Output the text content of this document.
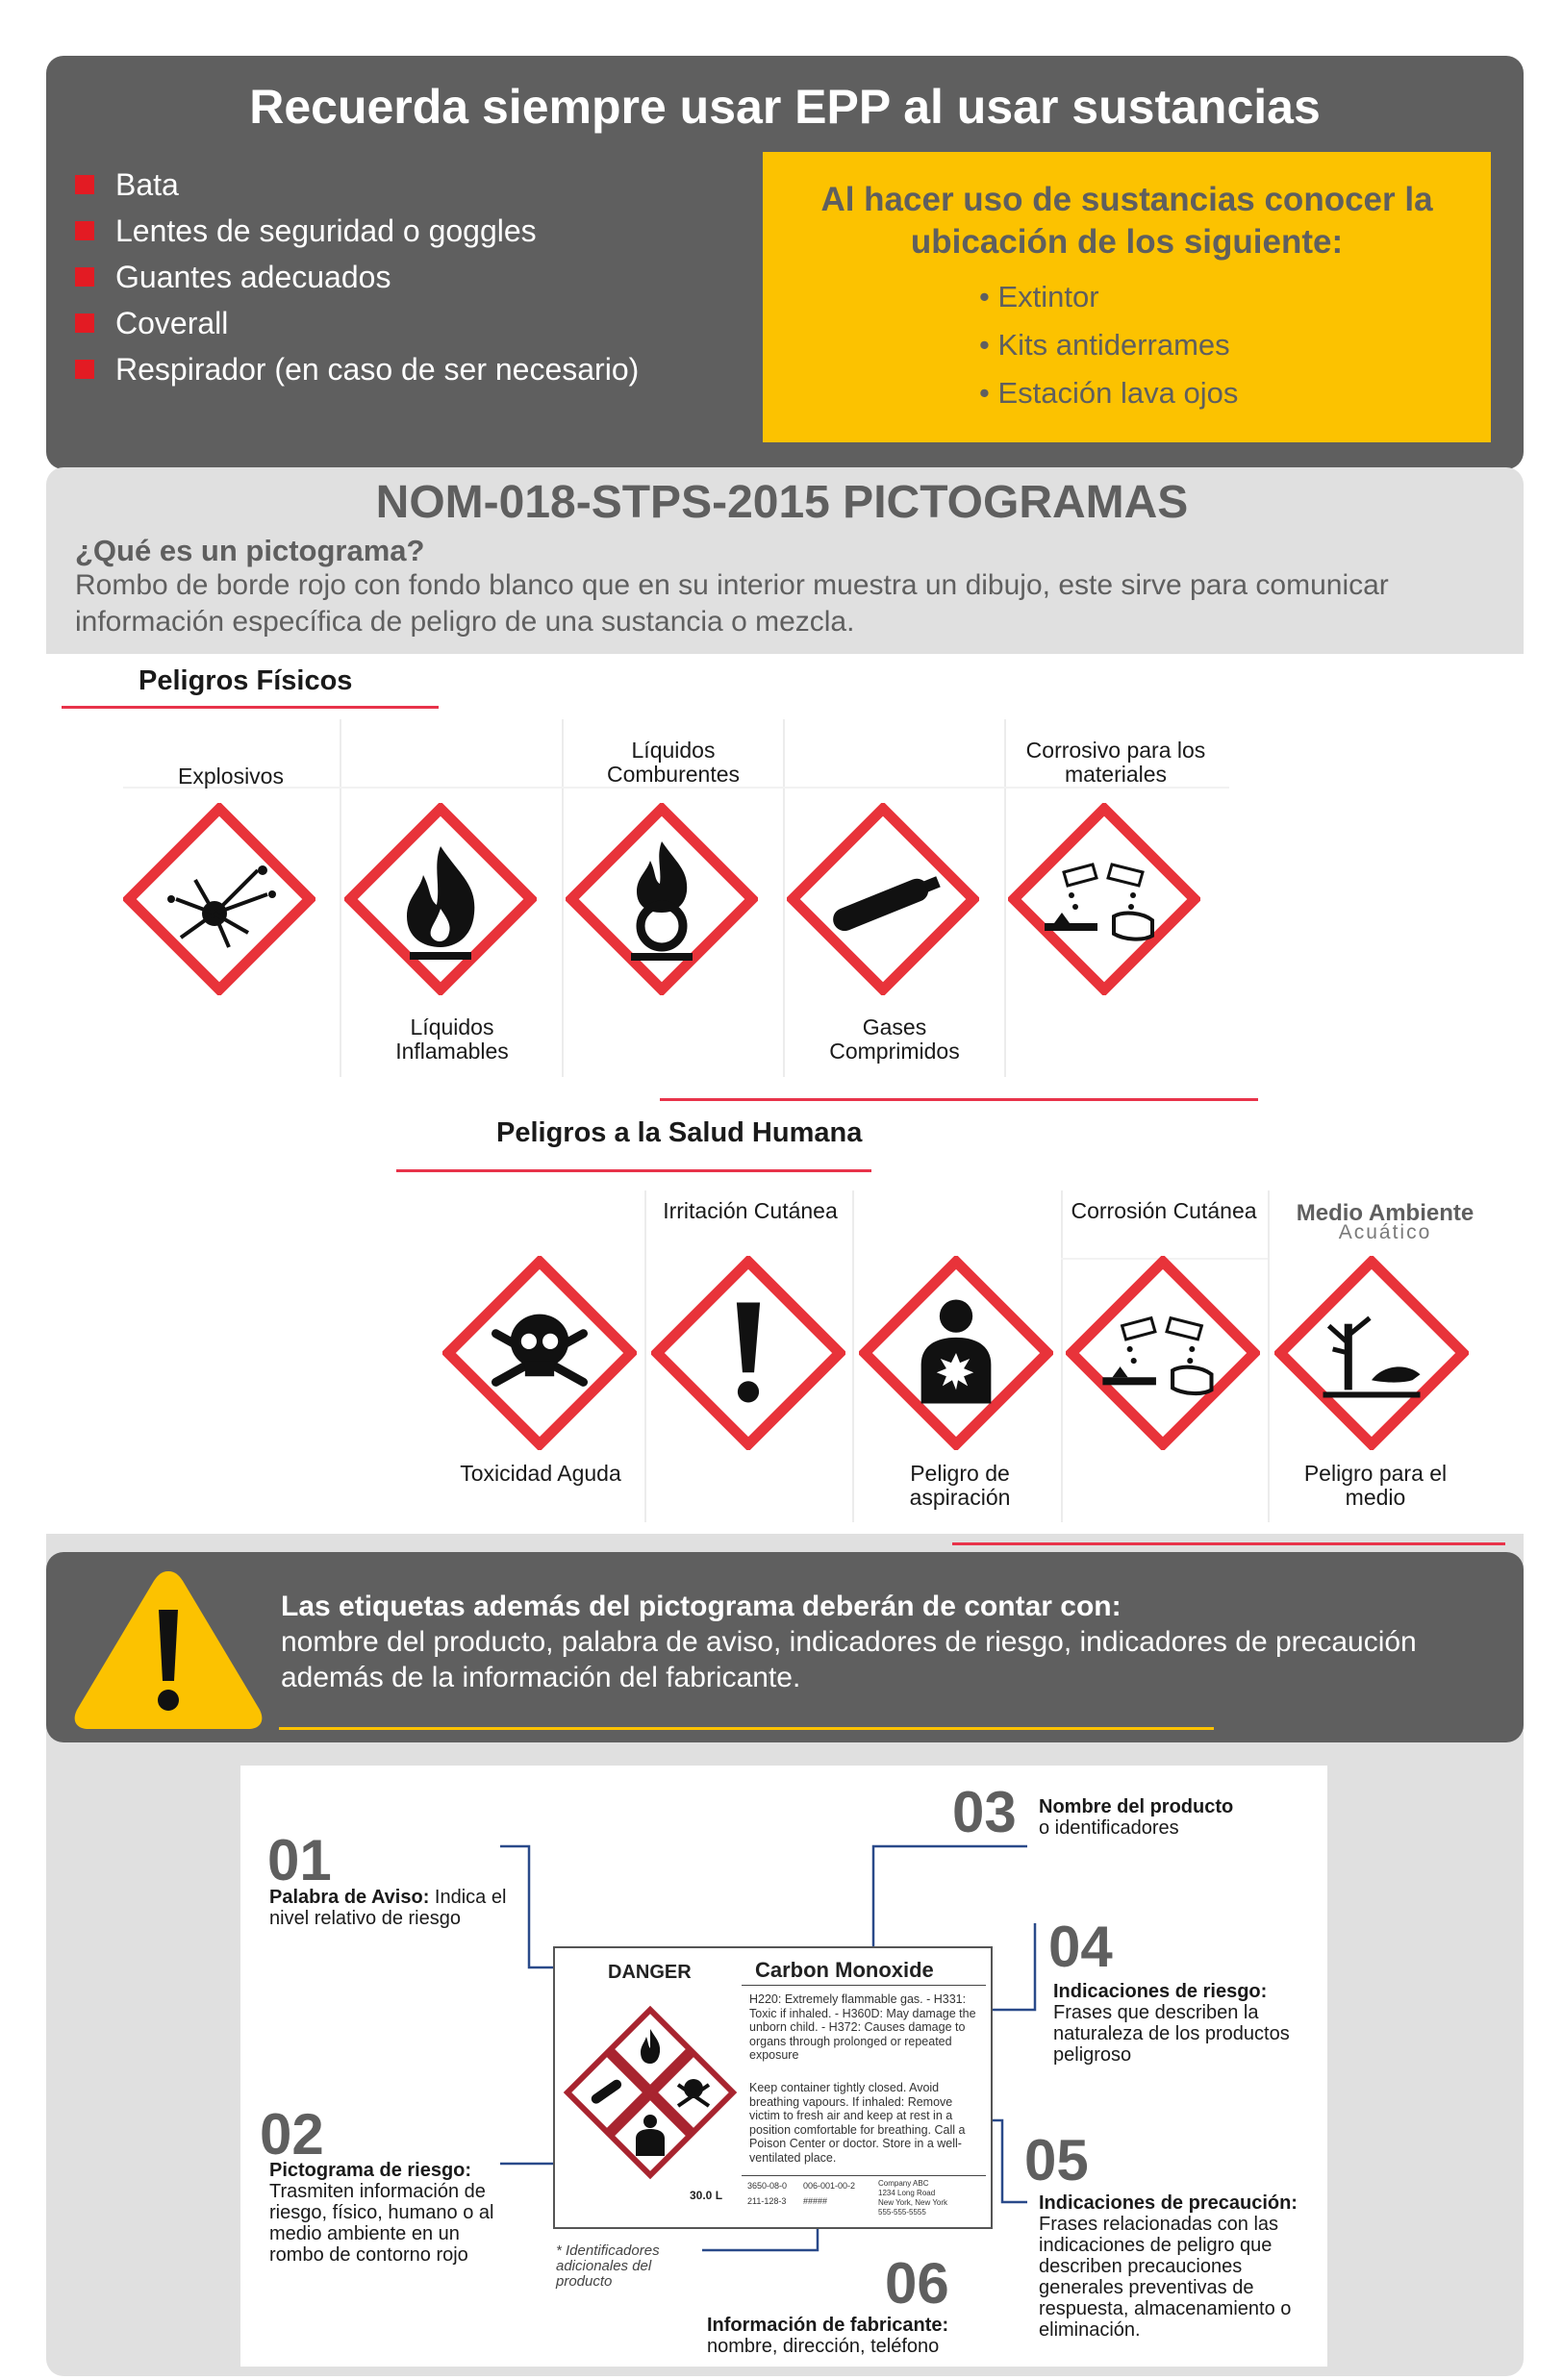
Recuerda siempre usar EPP al usar sustancias
Bata
Lentes de seguridad o goggles
Guantes adecuados
Coverall
Respirador (en caso de ser necesario)
Al hacer uso de sustancias conocer la ubicación de los siguiente:
• Extintor
• Kits antiderrames
• Estación lava ojos
NOM-018-STPS-2015 PICTOGRAMAS
¿Qué es un pictograma?
Rombo de borde rojo con fondo blanco que en su interior muestra un dibujo, este sirve para comunicar información específica de peligro de una sustancia o mezcla.
Peligros Físicos
Explosivos
Líquidos Comburentes
Corrosivo para los materiales
Líquidos Inflamables
Gases Comprimidos
Peligros a la Salud Humana
Irritación Cutánea	Corrosión Cutánea	Medio Ambiente
Acuático
Toxicidad Aguda	Peligro de aspiración
Peligro para el medio
Las etiquetas además del pictograma deberán de contar con:
nombre del producto, palabra de aviso, indicadores de riesgo, indicadores de precaución además de la información del fabricante.
01
Palabra de Aviso: Indica el nivel relativo de riesgo
02
Pictograma de riesgo:
Trasmiten información de riesgo, físico, humano o al medio ambiente en un rombo de contorno rojo
03 Nombre del producto
o identificadores
04
Indicaciones de riesgo:
Frases que describen la naturaleza de los productos peligroso
05
Indicaciones de precaución:
Frases relacionadas con las indicaciones de peligro que describen precauciones generales preventivas de respuesta, almacenamiento o eliminación.
06
Información de fabricante:
nombre, dirección, teléfono
* Identificadores adicionales del producto
DANGER	Carbon Monoxide
H220: Extremely flammable gas. - H331: Toxic if inhaled. - H360D: May damage the unborn child. - H372: Causes damage to organs through prolonged or repeated exposure
Keep container tightly closed. Avoid breathing vapours. If inhaled: Remove victim to fresh air and keep at rest in a position comfortable for breathing. Call a Poison Center or doctor. Store in a well-ventilated place.
30.0 L
3650-08-0 006-001-00-2
211-128-3 #####
Company ABC
1234 Long Road
New York, New York
555-555-5555
